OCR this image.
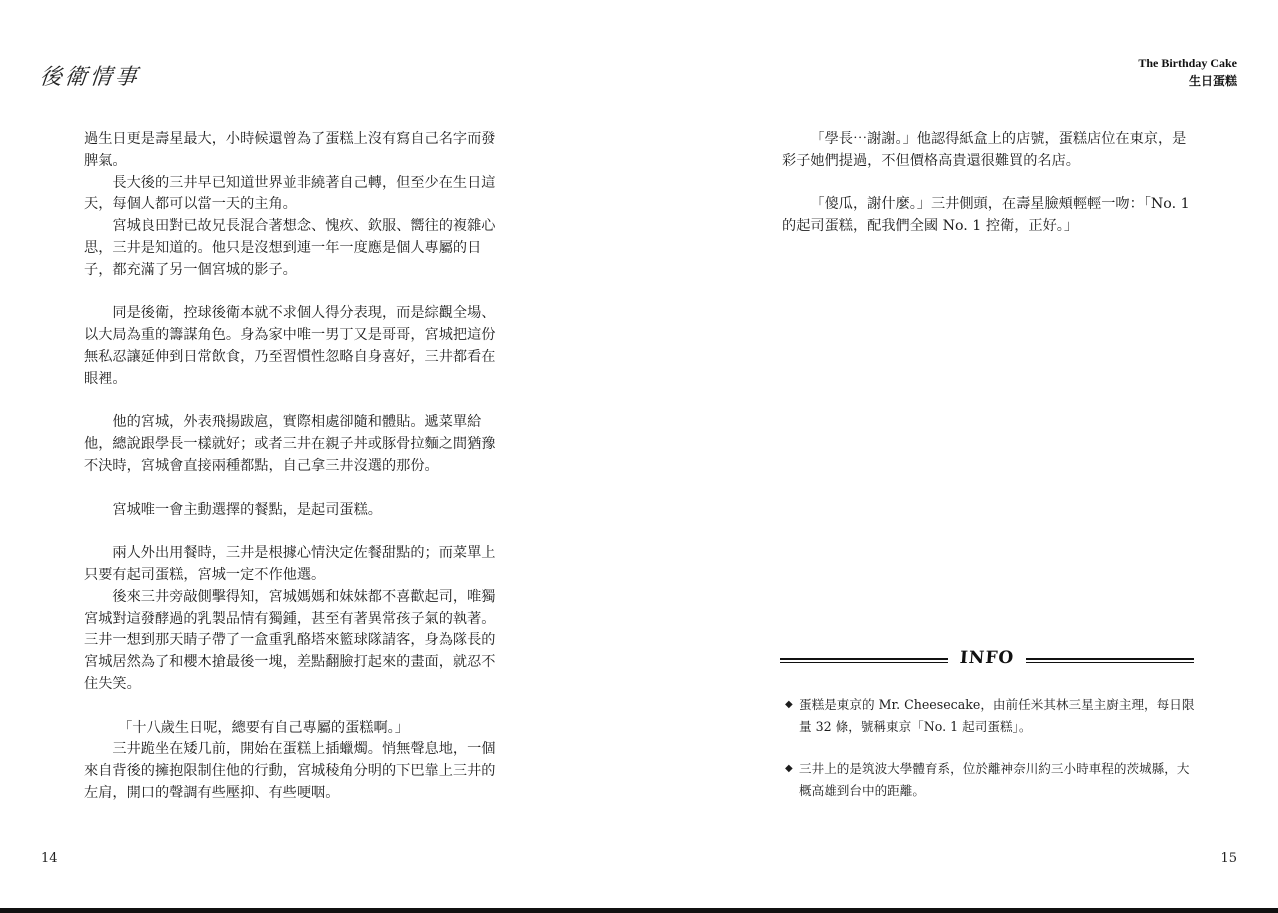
後衛情事

過生日更是壽星最大，小時候還曾為了蛋糕上沒有寫自己名字而發脾氣。

長大後的三井早已知道世界並非繞著自己轉，但至少在生日這天，每個人都可以當一天的主角。

宮城良田對已故兄長混合著想念、愧疚、欽服、嚮往的複雜心思，三井是知道的。他只是沒想到連一年一度應是個人專屬的日子，都充滿了另一個宮城的影子。

同是後衛，控球後衛本就不求個人得分表現，而是綜觀全場、以大局為重的籌謀角色。身為家中唯一男丁又是哥哥，宮城把這份無私忍讓延伸到日常飲食，乃至習慣性忽略自身喜好，三井都看在眼裡。

他的宮城，外表飛揚跋扈，實際相處卻隨和體貼。遞菜單給他，總說跟學長一樣就好；或者三井在親子丼或豚骨拉麵之間猶豫不決時，宮城會直接兩種都點，自己拿三井沒選的那份。

宮城唯一會主動選擇的餐點，是起司蛋糕。

兩人外出用餐時，三井是根據心情決定佐餐甜點的；而菜單上只要有起司蛋糕，宮城一定不作他選。

後來三井旁敲側擊得知，宮城媽媽和妹妹都不喜歡起司，唯獨宮城對這發酵過的乳製品情有獨鍾，甚至有著異常孩子氣的執著。三井一想到那天睛子帶了一盒重乳酪塔來籃球隊請客，身為隊長的宮城居然為了和櫻木搶最後一塊，差點翻臉打起來的畫面，就忍不住失笑。

「十八歲生日呢，總要有自己專屬的蛋糕啊。」

三井跪坐在矮几前，開始在蛋糕上插蠟燭。悄無聲息地，一個來自背後的擁抱限制住他的行動，宮城稜角分明的下巴靠上三井的左肩，開口的聲調有些壓抑、有些哽咽。

14
The Birthday Cake
生日蛋糕

「學長⋯謝謝。」他認得紙盒上的店號，蛋糕店位在東京，是彩子她們提過，不但價格高貴還很難買的名店。

「傻瓜，謝什麼。」三井側頭，在壽星臉頰輕輕一吻：「No. 1 的起司蛋糕，配我們全國 No. 1 控衛，正好。」

INFO
◆ 蛋糕是東京的 Mr. Cheesecake，由前任米其林三星主廚主理，每日限量 32 條，號稱東京「No. 1 起司蛋糕」。
◆ 三井上的是筑波大學體育系，位於離神奈川約三小時車程的茨城縣，大概高雄到台中的距離。
15
